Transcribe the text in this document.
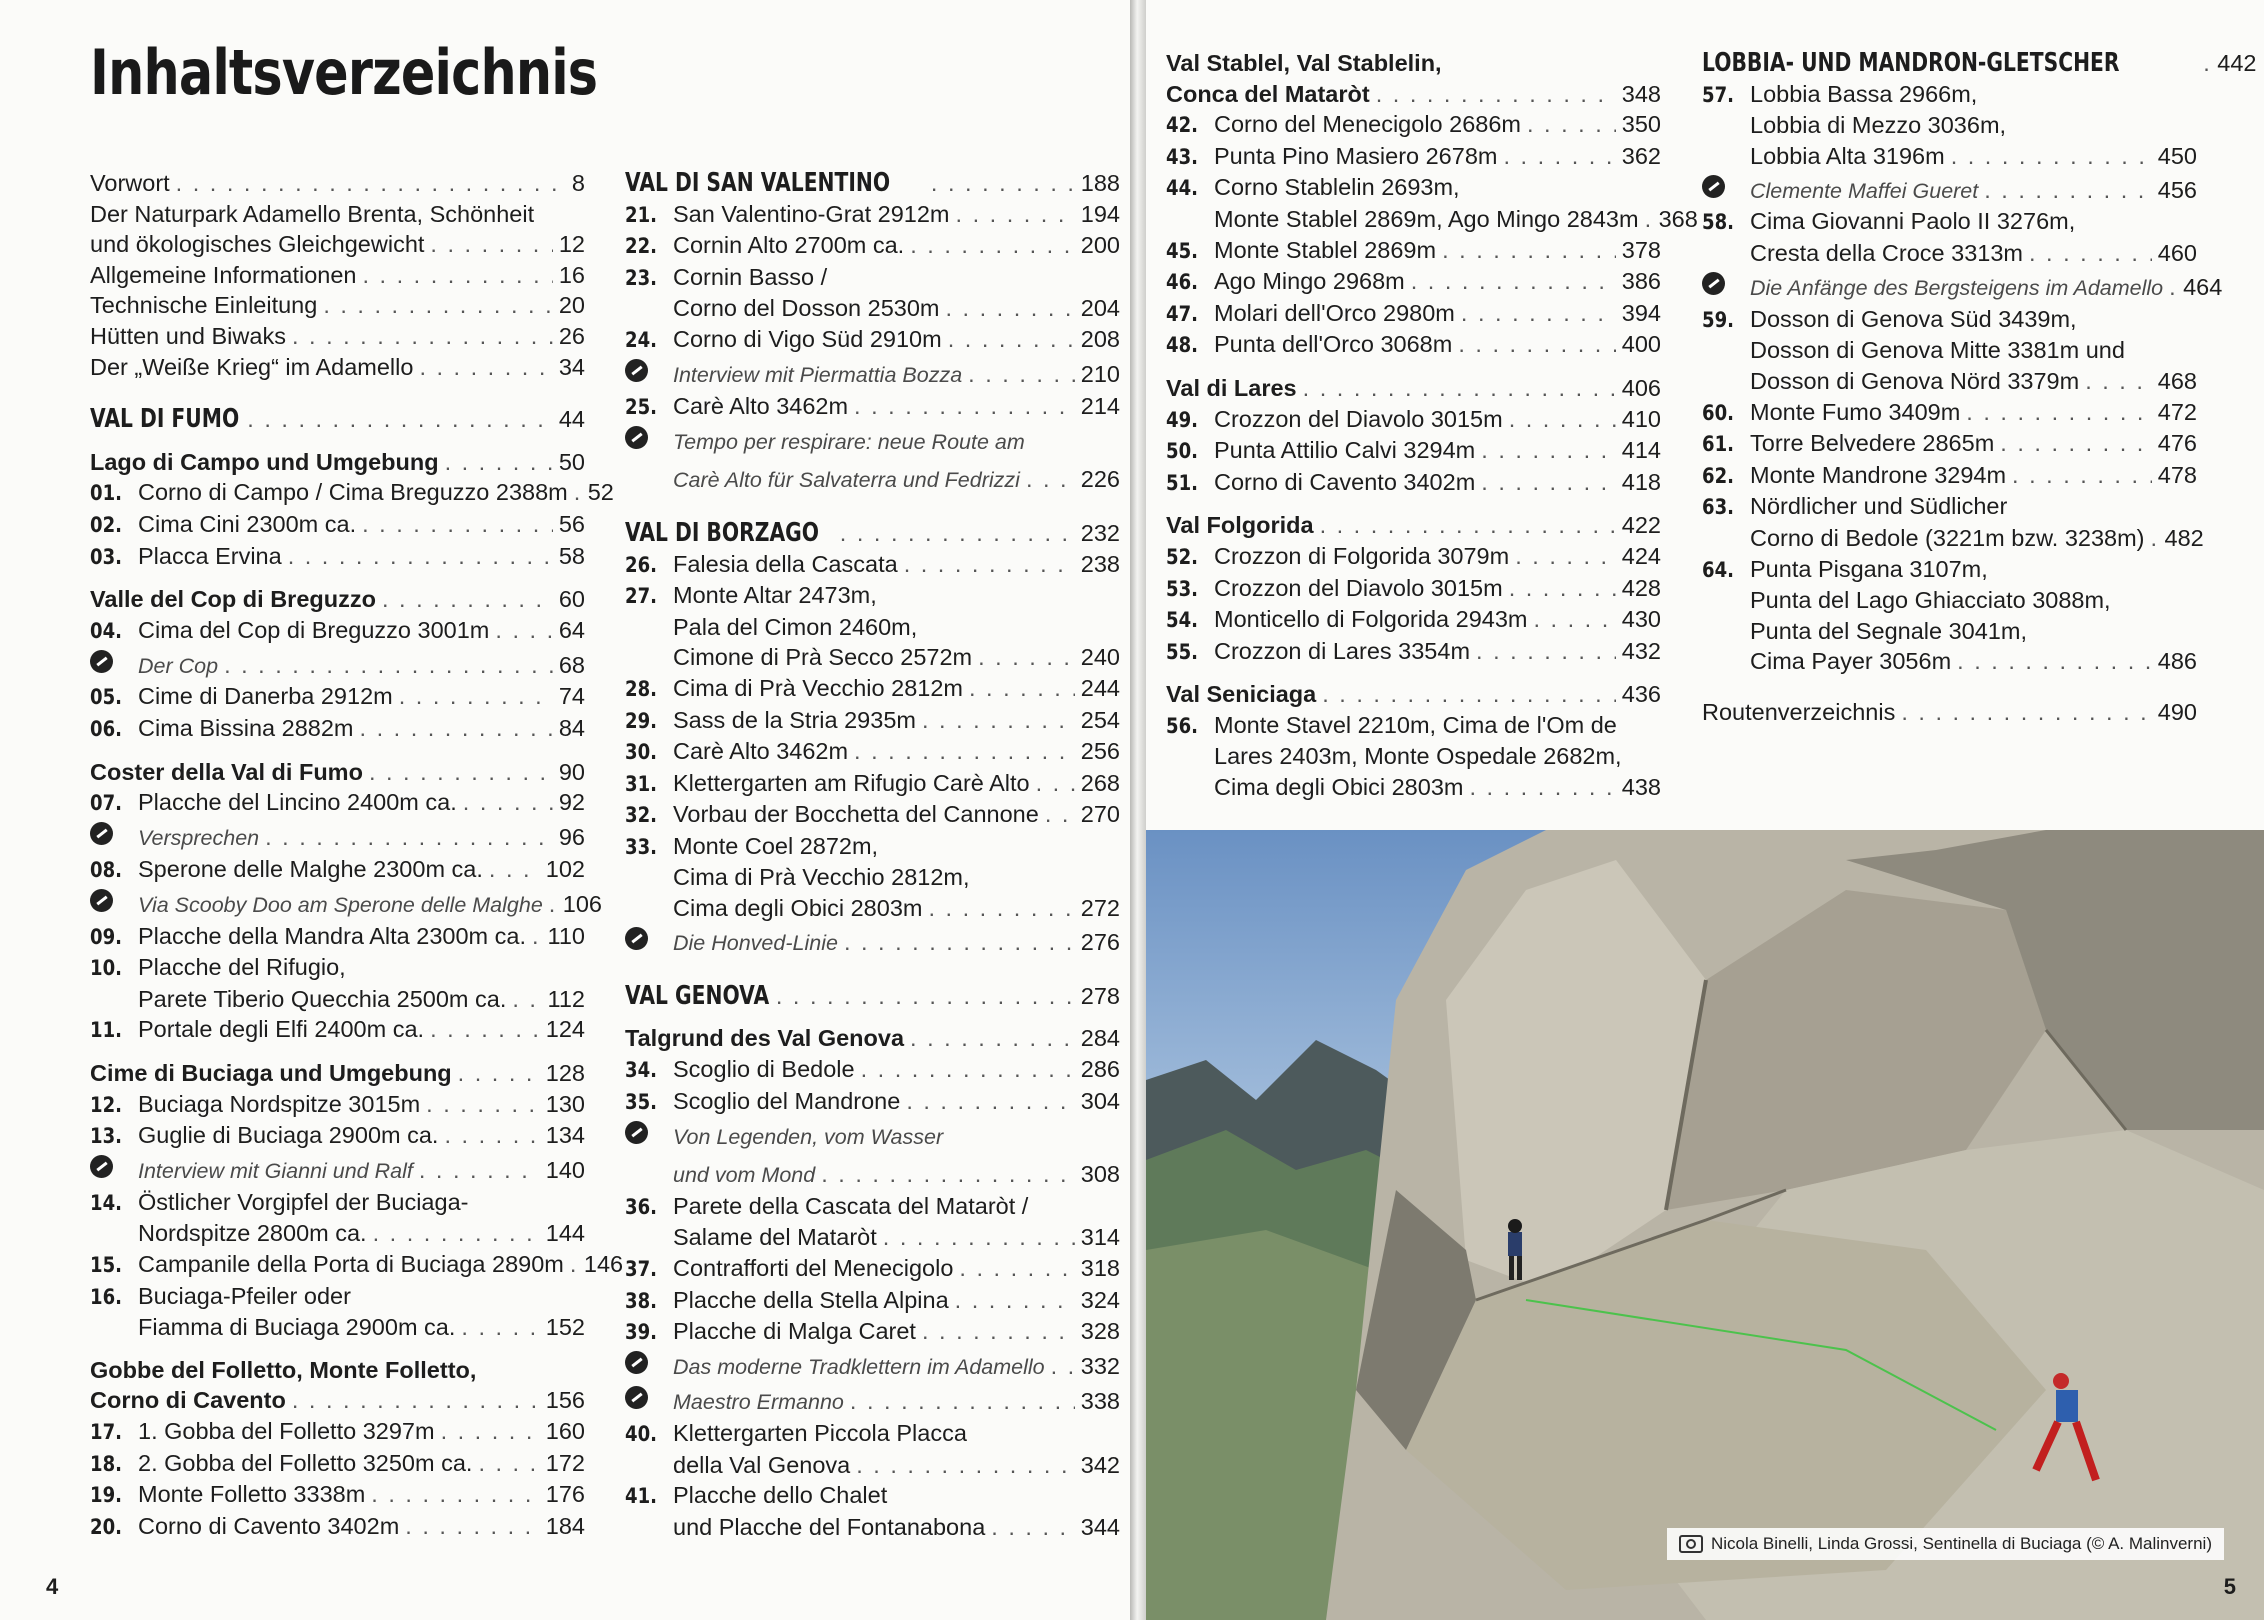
Inhaltsverzeichnis
Vorwort . . .	8
Der Naturpark Adamello Brenta, Schönheit
und ökologisches Gleichgewicht . . .	12
Allgemeine Informationen . . .	16
Technische Einleitung . . .	20
Hütten und Biwaks . . .	26
Der „Weiße Krieg“ im Adamello . . .	34
VAL DI FUMO . . .	44
Lago di Campo und Umgebung . . .	50
01. Corno di Campo / Cima Breguzzo 2388m . . . 52
02. Cima Cini 2300m ca. . . .	56
03. Placca Ervina . . .	58
Valle del Cop di Breguzzo . . .	60
04. Cima del Cop di Breguzzo 3001m . . .	64
Der Cop . . .	68
05. Cime di Danerba 2912m . . .	74
06. Cima Bissina 2882m . . .	84
Coster della Val di Fumo . . .	90
07. Placche del Lincino 2400m ca. . . .	92
Versprechen . . .	96
08. Sperone delle Malghe 2300m ca. . . .	102
Via Scooby Doo am Sperone delle Malghe . . . 106
09. Placche della Mandra Alta 2300m ca. . . . 110
10. Placche del Rifugio,
Parete Tiberio Quecchia 2500m ca. . . . 112
11. Portale degli Elfi 2400m ca. . . .	124
Cime di Buciaga und Umgebung . . .	128
12. Buciaga Nordspitze 3015m . . .	130
13. Guglie di Buciaga 2900m ca. . . .	134
Interview mit Gianni und Ralf . . .	140
14. Östlicher Vorgipfel der Buciaga-
Nordspitze 2800m ca. . . .	144
15. Campanile della Porta di Buciaga 2890m . . . 146
16. Buciaga-Pfeiler oder
Fiamma di Buciaga 2900m ca. . . .	152
Gobbe del Folletto, Monte Folletto,
Corno di Cavento . . .	156
17. 1. Gobba del Folletto 3297m . . .	160
18. 2. Gobba del Folletto 3250m ca. . . .	172
19. Monte Folletto 3338m . . .	176
20. Corno di Cavento 3402m . . .	184
VAL DI SAN VALENTINO . . .	188
21. San Valentino-Grat 2912m . . .	194
22. Cornin Alto 2700m ca. . . .	200
23. Cornin Basso /
Corno del Dosson 2530m . . .	204
24. Corno di Vigo Süd 2910m . . .	208
Interview mit Piermattia Bozza . . .	210
25. Carè Alto 3462m . . .	214
Tempo per respirare: neue Route am
Carè Alto für Salvaterra und Fedrizzi . . .	226
VAL DI BORZAGO . . .	232
26. Falesia della Cascata . . .	238
27. Monte Altar 2473m,
Pala del Cimon 2460m,
Cimone di Prà Secco 2572m . . .	240
28. Cima di Prà Vecchio 2812m . . .	244
29. Sass de la Stria 2935m . . .	254
30. Carè Alto 3462m . . .	256
31. Klettergarten am Rifugio Carè Alto . . . 268
32. Vorbau der Bocchetta del Cannone . . . 270
33. Monte Coel 2872m,
Cima di Prà Vecchio 2812m,
Cima degli Obici 2803m . . .	272
Die Honved-Linie . . .	276
VAL GENOVA . . .	278
Talgrund des Val Genova . . .	284
34. Scoglio di Bedole . . .	286
35. Scoglio del Mandrone . . .	304
Von Legenden, vom Wasser
und vom Mond . . .	308
36. Parete della Cascata del Mataròt /
Salame del Mataròt . . .	314
37. Contrafforti del Menecigolo . . .	318
38. Placche della Stella Alpina . . .	324
39. Placche di Malga Caret . . .	328
Das moderne Tradklettern im Adamello . . . 332
Maestro Ermanno . . .	338
40. Klettergarten Piccola Placca
della Val Genova . . .	342
41. Placche dello Chalet
und Placche del Fontanabona . . .	344
4
Val Stablel, Val Stablelin,
Conca del Mataròt . . .	348
42. Corno del Menecigolo 2686m . . .	350
43. Punta Pino Masiero 2678m . . .	362
44. Corno Stablelin 2693m,
Monte Stablel 2869m, Ago Mingo 2843m . . . 368
45. Monte Stablel 2869m . . .	378
46. Ago Mingo 2968m . . .	386
47. Molari dell'Orco 2980m . . .	394
48. Punta dell'Orco 3068m . . .	400
Val di Lares . . .	406
49. Crozzon del Diavolo 3015m . . .	410
50. Punta Attilio Calvi 3294m . . .	414
51. Corno di Cavento 3402m . . .	418
Val Folgorida . . .	422
52. Crozzon di Folgorida 3079m . . .	424
53. Crozzon del Diavolo 3015m . . .	428
54. Monticello di Folgorida 2943m . . .	430
55. Crozzon di Lares 3354m . . .	432
Val Seniciaga . . .	436
56. Monte Stavel 2210m, Cima de l'Om de
Lares 2403m, Monte Ospedale 2682m,
Cima degli Obici 2803m . . .	438
LOBBIA- UND MANDRON-GLETSCHER . . .	442
57. Lobbia Bassa 2966m,
Lobbia di Mezzo 3036m,
Lobbia Alta 3196m . . .	450
Clemente Maffei Gueret . . .	456
58. Cima Giovanni Paolo II 3276m,
Cresta della Croce 3313m . . .	460
Die Anfänge des Bergsteigens im Adamello . . . 464
59. Dosson di Genova Süd 3439m,
Dosson di Genova Mitte 3381m und
Dosson di Genova Nörd 3379m . . .	468
60. Monte Fumo 3409m . . .	472
61. Torre Belvedere 2865m . . .	476
62. Monte Mandrone 3294m . . .	478
63. Nördlicher und Südlicher
Corno di Bedole (3221m bzw. 3238m) . . . 482
64. Punta Pisgana 3107m,
Punta del Lago Ghiacciato 3088m,
Punta del Segnale 3041m,
Cima Payer 3056m . . .	486
Routenverzeichnis . . .	490
Nicola Binelli, Linda Grossi, Sentinella di Buciaga (© A. Malinverni)
5
